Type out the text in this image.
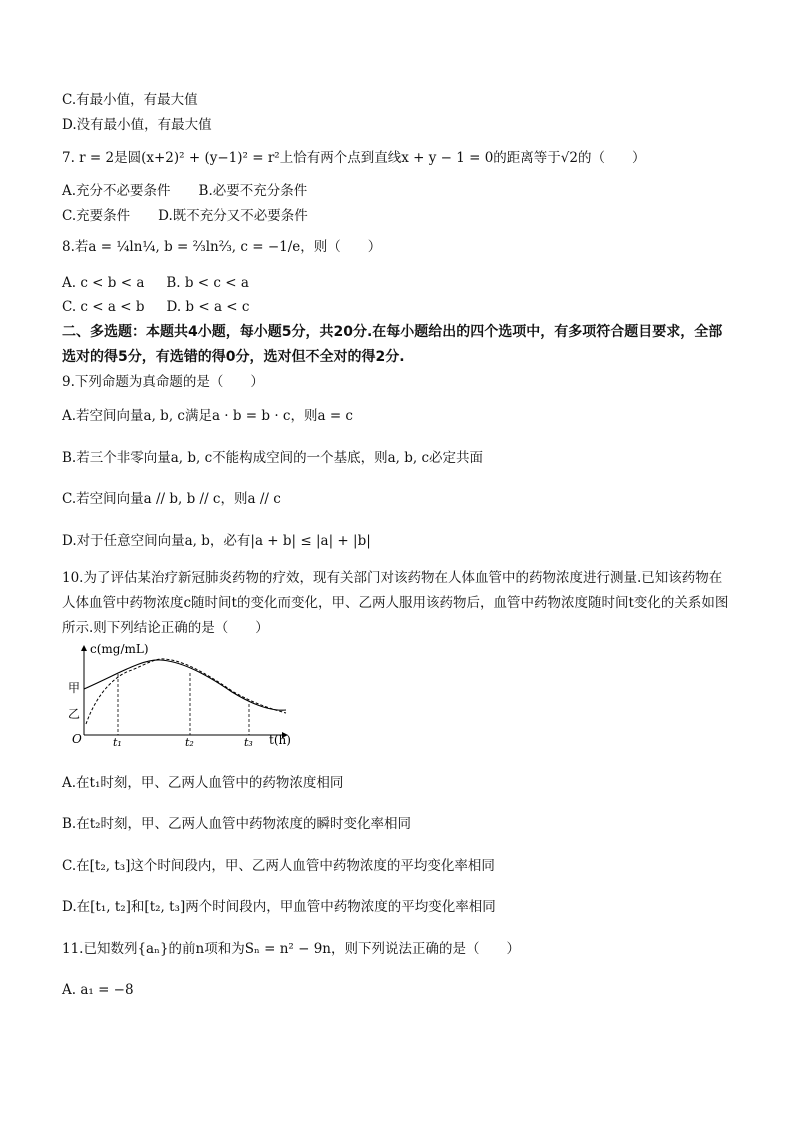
C.有最小值，有最大值
D.没有最小值，有最大值
7. r = 2是圆(x+2)² + (y−1)² = r²上恰有两个点到直线x + y − 1 = 0的距离等于√2的（　　）
A.充分不必要条件 B.必要不充分条件
C.充要条件 D.既不充分又不必要条件
8.若a = ¼ln¼, b = ⅔ln⅔, c = −1/e，则（　　）
A. c < b < a B. b < c < a
C. c < a < b D. b < a < c
二、多选题：本题共4小题，每小题5分，共20分.在每小题给出的四个选项中，有多项符合题目要求，全部选对的得5分，有选错的得0分，选对但不全对的得2分.
9.下列命题为真命题的是（　　）
A.若空间向量a, b, c满足a · b = b · c，则a = c
B.若三个非零向量a, b, c不能构成空间的一个基底，则a, b, c必定共面
C.若空间向量a // b, b // c，则a // c
D.对于任意空间向量a, b，必有|a + b| ≤ |a| + |b|
10.为了评估某治疗新冠肺炎药物的疗效，现有关部门对该药物在人体血管中的药物浓度进行测量.已知该药物在人体血管中药物浓度c随时间t的变化而变化，甲、乙两人服用该药物后，血管中药物浓度随时间t变化的关系如图所示.则下列结论正确的是（　　）
c(mg/mL)
t(h)
O
甲
乙
t₁	t₂	t₃
A.在t₁时刻，甲、乙两人血管中的药物浓度相同
B.在t₂时刻，甲、乙两人血管中药物浓度的瞬时变化率相同
C.在[t₂, t₃]这个时间段内，甲、乙两人血管中药物浓度的平均变化率相同
D.在[t₁, t₂]和[t₂, t₃]两个时间段内，甲血管中药物浓度的平均变化率相同
11.已知数列{aₙ}的前n项和为Sₙ = n² − 9n，则下列说法正确的是（　　）
A. a₁ = −8
